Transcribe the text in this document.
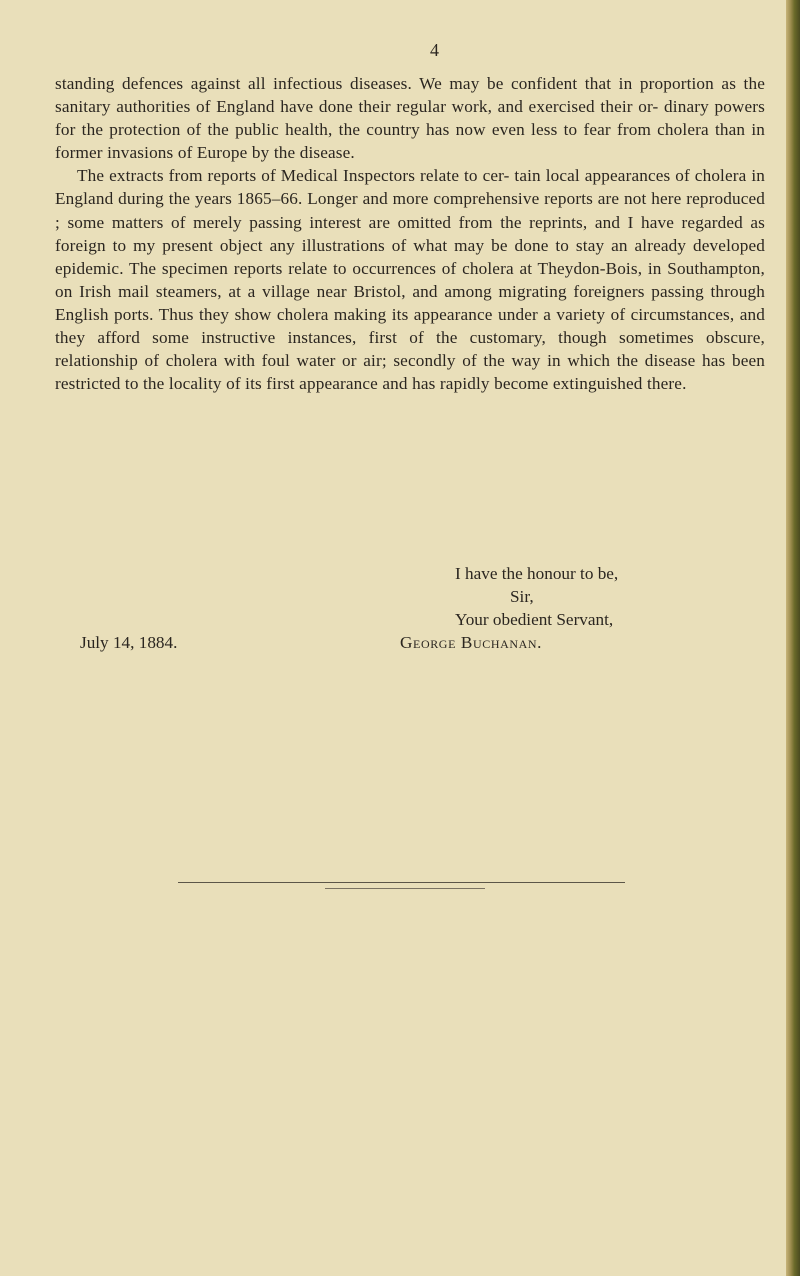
4

standing defences against all infectious diseases. We may be confident that in proportion as the sanitary authorities of England have done their regular work, and exercised their or- dinary powers for the protection of the public health, the country has now even less to fear from cholera than in former invasions of Europe by the disease.

The extracts from reports of Medical Inspectors relate to cer- tain local appearances of cholera in England during the years 1865–66. Longer and more comprehensive reports are not here reproduced ; some matters of merely passing interest are omitted from the reprints, and I have regarded as foreign to my present object any illustrations of what may be done to stay an already developed epidemic. The specimen reports relate to occurrences of cholera at Theydon-Bois, in Southampton, on Irish mail steamers, at a village near Bristol, and among migrating foreigners passing through English ports. Thus they show cholera making its appearance under a variety of circumstances, and they afford some instructive instances, first of the customary, though sometimes obscure, relationship of cholera with foul water or air; secondly of the way in which the disease has been restricted to the locality of its first appearance and has rapidly become extinguished there.

I have the honour to be,
Sir,
Your obedient Servant,
July 14, 1884.	George Buchanan.
